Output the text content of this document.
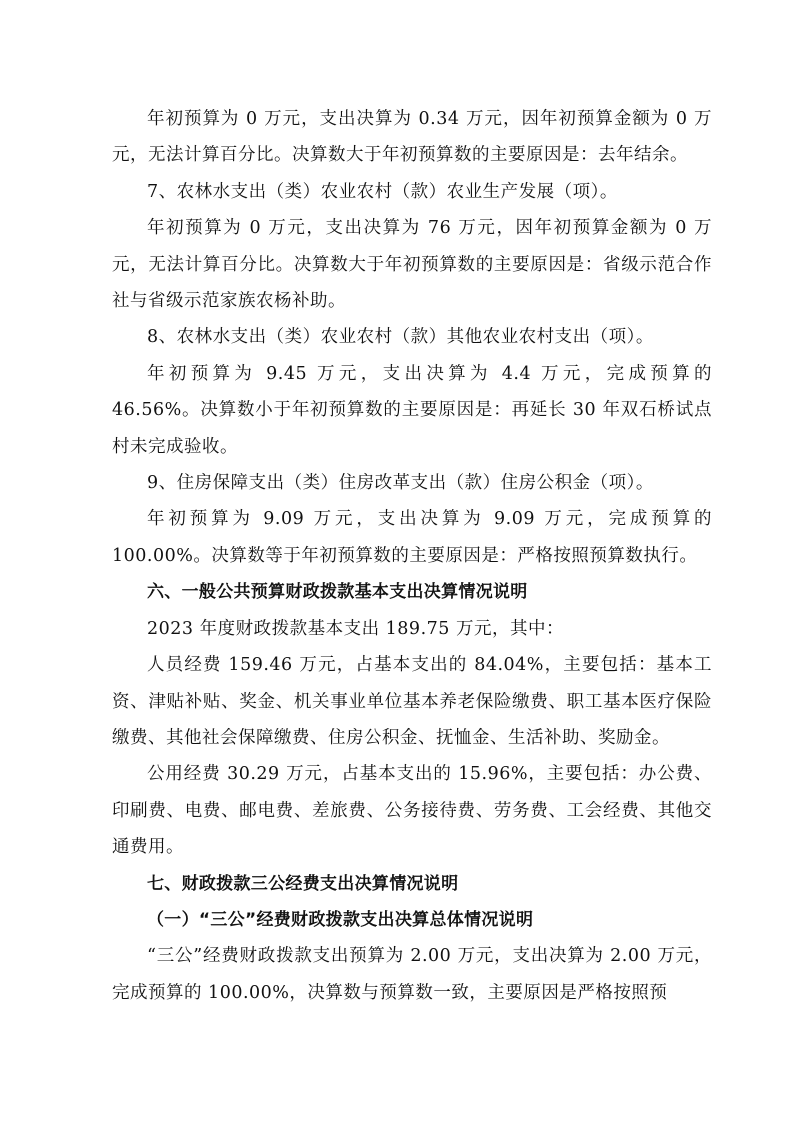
年初预算为 0 万元，支出决算为 0.34 万元，因年初预算金额为 0 万元，无法计算百分比。决算数大于年初预算数的主要原因是：去年结余。

7、农林水支出（类）农业农村（款）农业生产发展（项）。

年初预算为 0 万元，支出决算为 76 万元，因年初预算金额为 0 万元，无法计算百分比。决算数大于年初预算数的主要原因是：省级示范合作社与省级示范家族农杨补助。

8、农林水支出（类）农业农村（款）其他农业农村支出（项）。

年初预算为 9.45 万元，支出决算为 4.4 万元，完成预算的 46.56%。决算数小于年初预算数的主要原因是：再延长 30 年双石桥试点村未完成验收。

9、住房保障支出（类）住房改革支出（款）住房公积金（项）。

年初预算为 9.09 万元，支出决算为 9.09 万元，完成预算的 100.00%。决算数等于年初预算数的主要原因是：严格按照预算数执行。

六、一般公共预算财政拨款基本支出决算情况说明

2023 年度财政拨款基本支出 189.75 万元，其中：

人员经费 159.46 万元，占基本支出的 84.04%，主要包括：基本工资、津贴补贴、奖金、机关事业单位基本养老保险缴费、职工基本医疗保险缴费、其他社会保障缴费、住房公积金、抚恤金、生活补助、奖励金。

公用经费 30.29 万元，占基本支出的 15.96%，主要包括：办公费、印刷费、电费、邮电费、差旅费、公务接待费、劳务费、工会经费、其他交通费用。

七、财政拨款三公经费支出决算情况说明

（一）“三公”经费财政拨款支出决算总体情况说明

“三公”经费财政拨款支出预算为 2.00 万元，支出决算为 2.00 万元，完成预算的 100.00%，决算数与预算数一致，主要原因是严格按照预
